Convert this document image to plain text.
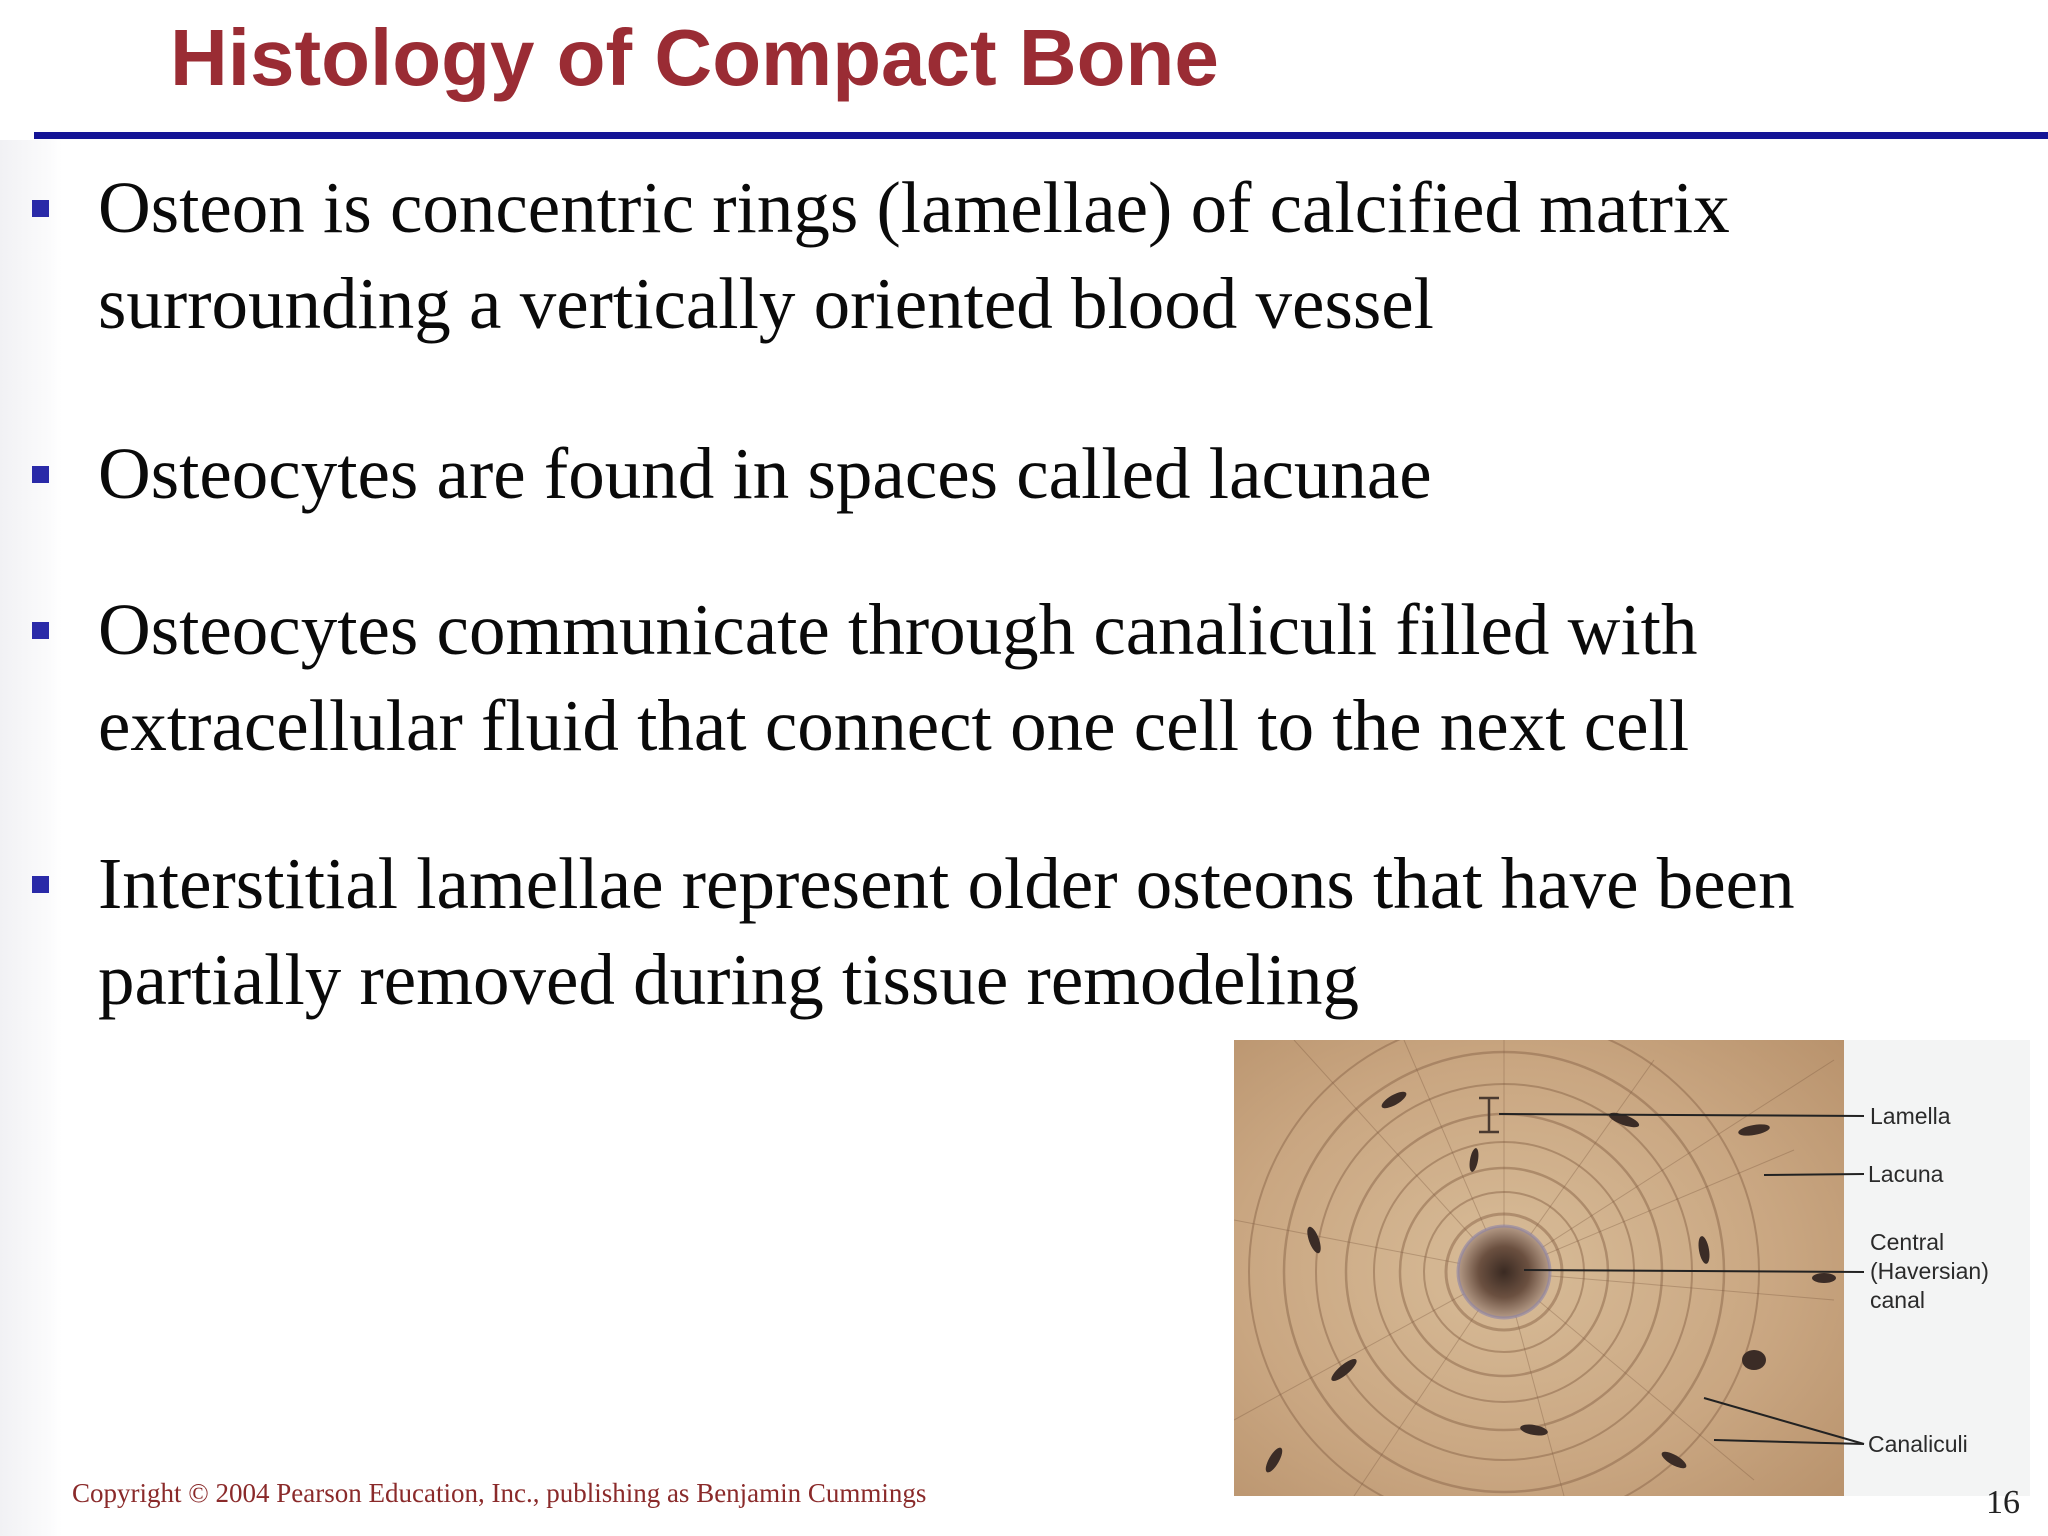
Histology of Compact Bone
Osteon is concentric rings (lamellae) of calcified matrix surrounding a vertically oriented blood vessel
Osteocytes are found in spaces called lacunae
Osteocytes communicate through canaliculi filled with extracellular fluid that connect one cell to the next cell
Interstitial lamellae represent older osteons that have been partially removed during tissue remodeling
Lamella
Lacuna
Central
(Haversian)
canal
Canaliculi
Copyright © 2004 Pearson Education, Inc., publishing as Benjamin Cummings	16
